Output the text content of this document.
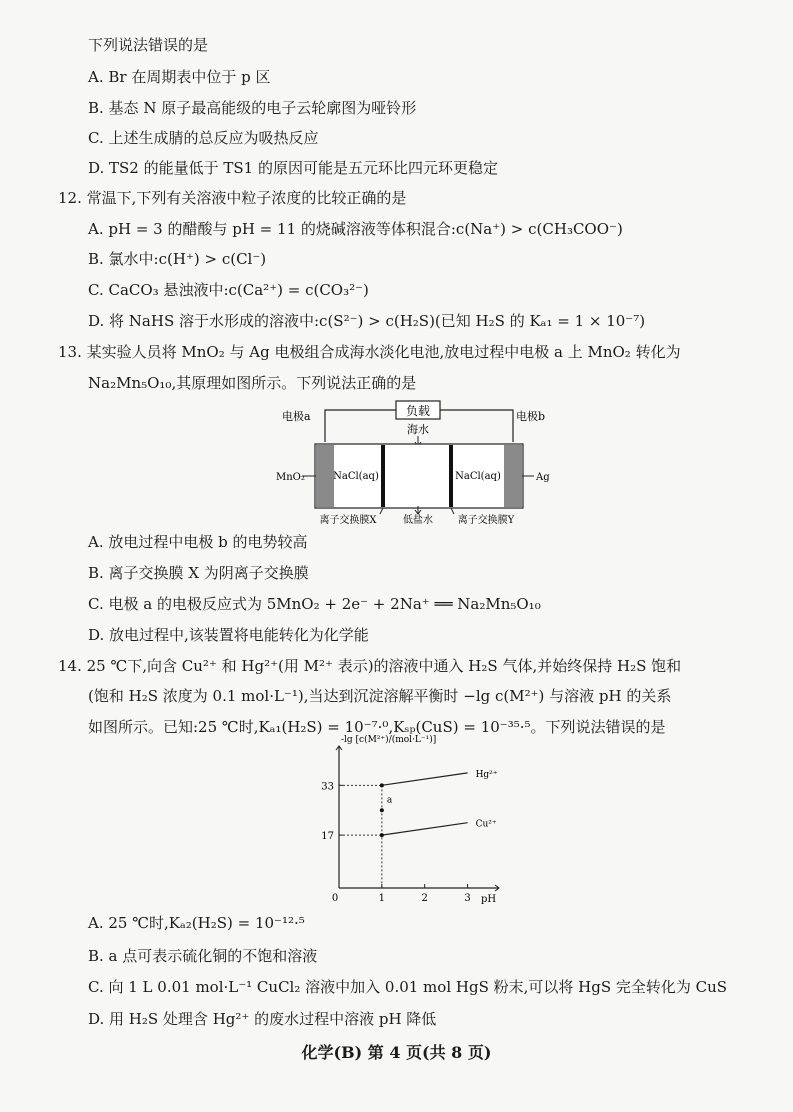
下列说法错误的是
A. Br 在周期表中位于 p 区
B. 基态 N 原子最高能级的电子云轮廓图为哑铃形
C. 上述生成腈的总反应为吸热反应
D. TS2 的能量低于 TS1 的原因可能是五元环比四元环更稳定
12. 常温下,下列有关溶液中粒子浓度的比较正确的是
A. pH = 3 的醋酸与 pH = 11 的烧碱溶液等体积混合:c(Na⁺) > c(CH₃COO⁻)
B. 氯水中:c(H⁺) > c(Cl⁻)
C. CaCO₃ 悬浊液中:c(Ca²⁺) = c(CO₃²⁻)
D. 将 NaHS 溶于水形成的溶液中:c(S²⁻) > c(H₂S)(已知 H₂S 的 Kₐ₁ = 1 × 10⁻⁷)
13. 某实验人员将 MnO₂ 与 Ag 电极组合成海水淡化电池,放电过程中电极 a 上 MnO₂ 转化为
Na₂Mn₅O₁₀,其原理如图所示。下列说法正确的是
负载
电极a	电极b
海水
NaCl(aq)	NaCl(aq)
MnO₂	Ag
离子交换膜X	低盐水 离子交换膜Y
A. 放电过程中电极 b 的电势较高
B. 离子交换膜 X 为阴离子交换膜
C. 电极 a 的电极反应式为 5MnO₂ + 2e⁻ + 2Na⁺ ══ Na₂Mn₅O₁₀
D. 放电过程中,该装置将电能转化为化学能
14. 25 ℃下,向含 Cu²⁺ 和 Hg²⁺(用 M²⁺ 表示)的溶液中通入 H₂S 气体,并始终保持 H₂S 饱和
(饱和 H₂S 浓度为 0.1 mol·L⁻¹),当达到沉淀溶解平衡时 −lg c(M²⁺) 与溶液 pH 的关系
如图所示。已知:25 ℃时,Kₐ₁(H₂S) = 10⁻⁷·⁰,Kₛₚ(CuS) = 10⁻³⁵·⁵。下列说法错误的是
-lg [c(M²⁺)/(mol·L⁻¹)]
pH
0	1	2	3
17
33
Hg²⁺
Cu²⁺
a
A. 25 ℃时,Kₐ₂(H₂S) = 10⁻¹²·⁵
B. a 点可表示硫化铜的不饱和溶液
C. 向 1 L 0.01 mol·L⁻¹ CuCl₂ 溶液中加入 0.01 mol HgS 粉末,可以将 HgS 完全转化为 CuS
D. 用 H₂S 处理含 Hg²⁺ 的废水过程中溶液 pH 降低
化学(B) 第 4 页(共 8 页)
